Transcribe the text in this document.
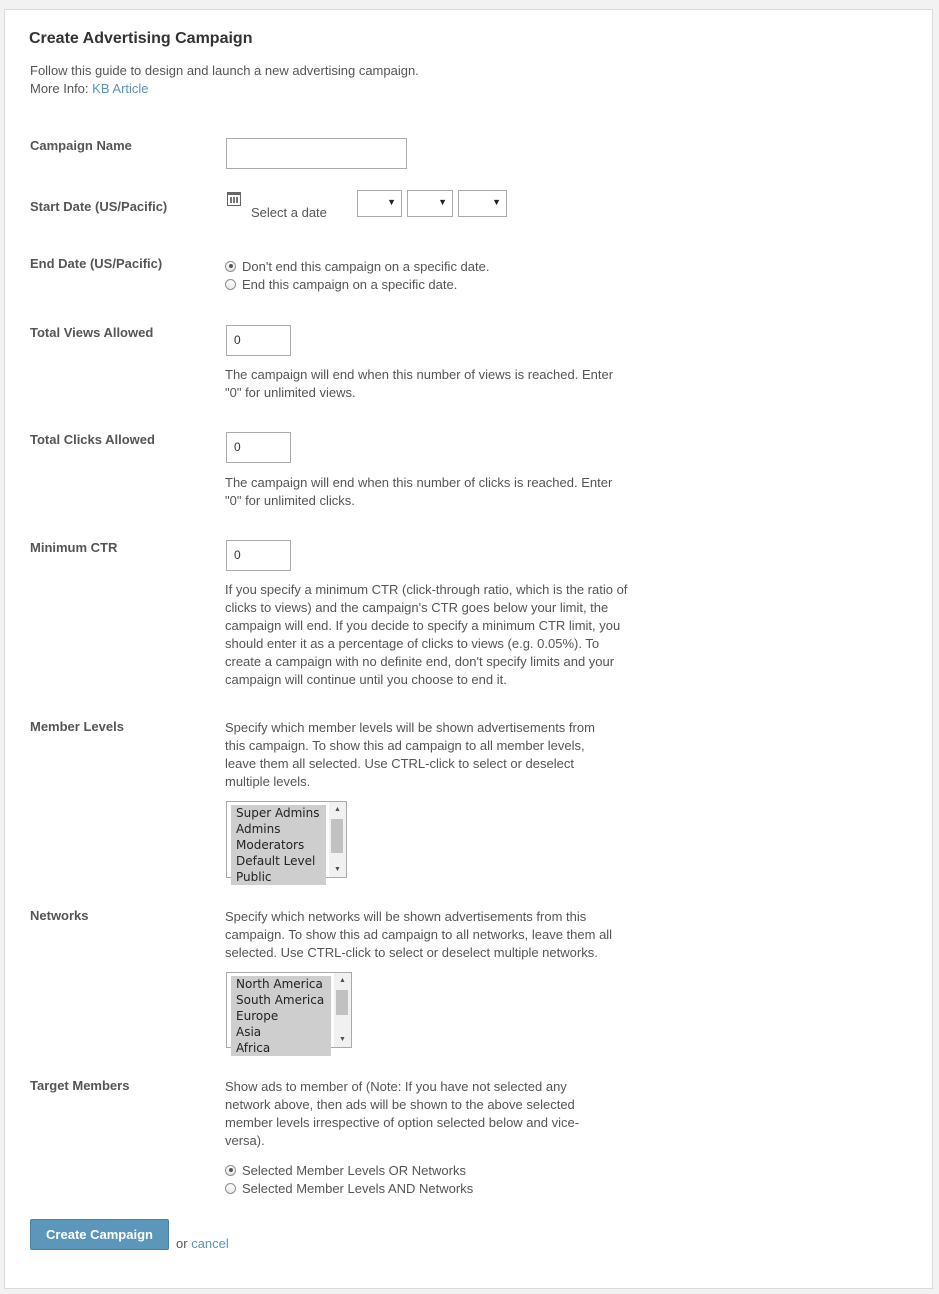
Create Advertising Campaign
Follow this guide to design and launch a new advertising campaign.
More Info: KB Article
Campaign Name
Start Date (US/Pacific)	Select a date
▼	▼	▼
End Date (US/Pacific)	Don't end this campaign on a specific date.
End this campaign on a specific date.
Total Views Allowed	0
The campaign will end when this number of views is reached. Enter "0" for unlimited views.
Total Clicks Allowed	0
The campaign will end when this number of clicks is reached. Enter "0" for unlimited clicks.
Minimum CTR	0
If you specify a minimum CTR (click-through ratio, which is the ratio of clicks to views) and the campaign's CTR goes below your limit, the campaign will end. If you decide to specify a minimum CTR limit, you should enter it as a percentage of clicks to views (e.g. 0.05%). To create a campaign with no definite end, don't specify limits and your campaign will continue until you choose to end it.
Member Levels	Specify which member levels will be shown advertisements from this campaign. To show this ad campaign to all member levels, leave them all selected. Use CTRL-click to select or deselect multiple levels.
Super Admins
Admins
Moderators
Default Level
Public
▲
▼
Networks	Specify which networks will be shown advertisements from this campaign. To show this ad campaign to all networks, leave them all selected. Use CTRL-click to select or deselect multiple networks.
North America
South America
Europe
Asia
Africa
▲
▼
Target Members	Show ads to member of (Note: If you have not selected any network above, then ads will be shown to the above selected member levels irrespective of option selected below and vice-versa).
Selected Member Levels OR Networks
Selected Member Levels AND Networks
Create Campaign
or cancel
